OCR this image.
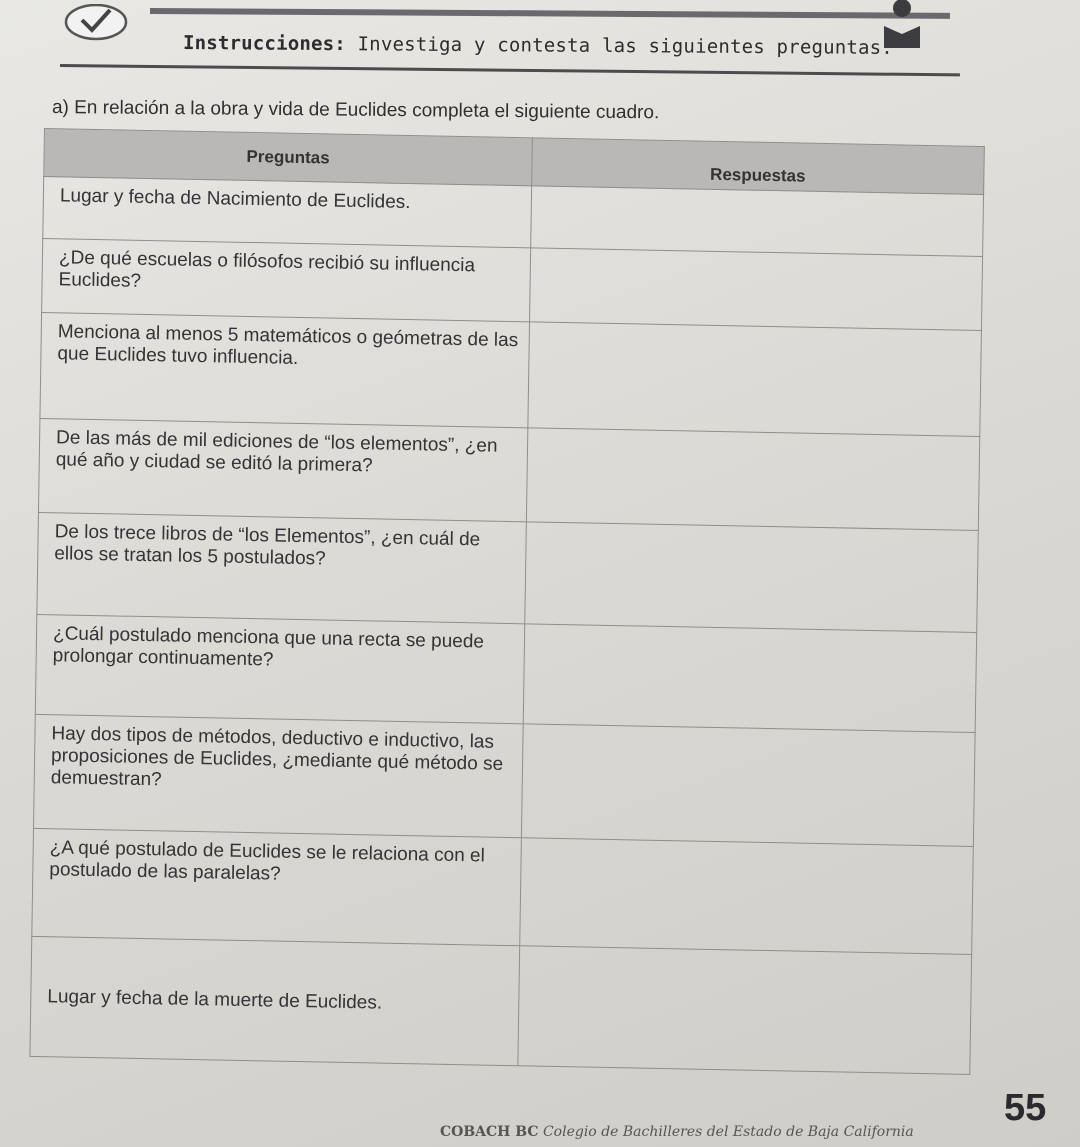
Instrucciones: Investiga y contesta las siguientes preguntas.
a) En relación a la obra y vida de Euclides completa el siguiente cuadro.
Preguntas	Respuestas
Lugar y fecha de Nacimiento de Euclides.	
¿De qué escuelas o filósofos recibió su influencia Euclides?	
Menciona al menos 5 matemáticos o geómetras de las que Euclides tuvo influencia.	
De las más de mil ediciones de “los elementos”, ¿en qué año y ciudad se editó la primera?	
De los trece libros de “los Elementos”, ¿en cuál de ellos se tratan los 5 postulados?	
¿Cuál postulado menciona que una recta se puede prolongar continuamente?	
Hay dos tipos de métodos, deductivo e inductivo, las proposiciones de Euclides, ¿mediante qué método se demuestran?	
¿A qué postulado de Euclides se le relaciona con el postulado de las paralelas?	
Lugar y fecha de la muerte de Euclides.	
COBACH BC Colegio de Bachilleres del Estado de Baja California
55
